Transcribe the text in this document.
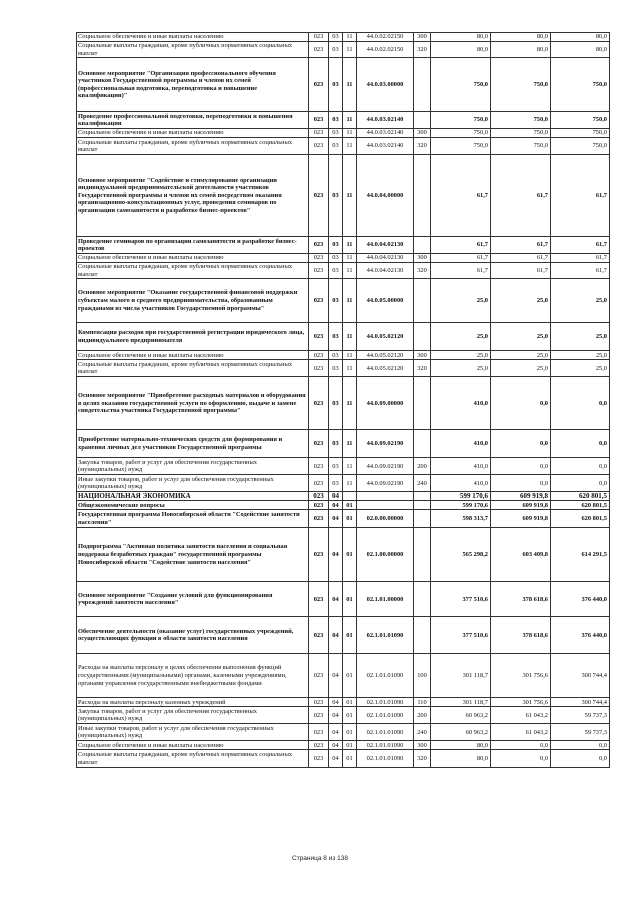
Социальное обеспечение и иные выплаты населению	023	03	11	44.0.02.02150	300	80,0	80,0	80,0
Социальные выплаты гражданам, кроме публичных нормативных социальных выплат	023	03	11	44.0.02.02150	320	80,0	80,0	80,0
Основное мероприятие "Организация профессионального обучения участников Государственной программы и членов их семей (профессиональная подготовка, переподготовка и повышение квалификации)"	023	03	11	44.0.03.00000		750,0	750,0	750,0
Проведение профессиональной подготовки, переподготовки и повышения квалификации	023	03	11	44.0.03.02140		750,0	750,0	750,0
Социальное обеспечение и иные выплаты населению	023	03	11	44.0.03.02140	300	750,0	750,0	750,0
Социальные выплаты гражданам, кроме публичных нормативных социальных выплат	023	03	11	44.0.03.02140	320	750,0	750,0	750,0
Основное мероприятие "Содействие и стимулирование организации индивидуальной предпринимательской деятельности участников Государственной программы и членов их семей посредством оказания организационно-консультационных услуг, проведения семинаров по организации самозанятости и разработке бизнес-проектов"	023	03	11	44.0.04.00000		61,7	61,7	61,7
Проведение семинаров по организации самозанятости и разработке бизнес-проектов	023	03	11	44.0.04.02130		61,7	61,7	61,7
Социальное обеспечение и иные выплаты населению	023	03	11	44.0.04.02130	300	61,7	61,7	61,7
Социальные выплаты гражданам, кроме публичных нормативных социальных выплат	023	03	11	44.0.04.02130	320	61,7	61,7	61,7
Основное мероприятие "Оказание государственной финансовой поддержки субъектам малого и среднего предпринимательства, образованным гражданами из числа участников Государственной программы"	023	03	11	44.0.05.00000		25,0	25,0	25,0
Компенсация расходов при государственной регистрации юридического лица, индивидуального предпринимателя	023	03	11	44.0.05.02120		25,0	25,0	25,0
Социальное обеспечение и иные выплаты населению	023	03	11	44.0.05.02120	300	25,0	25,0	25,0
Социальные выплаты гражданам, кроме публичных нормативных социальных выплат	023	03	11	44.0.05.02120	320	25,0	25,0	25,0
Основное мероприятие "Приобретение расходных материалов и оборудования в целях оказания государственной услуги по оформлению, выдаче и замене свидетельства участника Государственной программы"	023	03	11	44.0.09.00000		410,0	0,0	0,0
Приобретение материально-технических средств для формирования и хранения личных дел участников Государственной программы	023	03	11	44.0.09.02190		410,0	0,0	0,0
Закупка товаров, работ и услуг для обеспечения государственных (муниципальных) нужд	023	03	11	44.0.09.02190	200	410,0	0,0	0,0
Иные закупки товаров, работ и услуг для обеспечения государственных (муниципальных) нужд	023	03	11	44.0.09.02190	240	410,0	0,0	0,0
НАЦИОНАЛЬНАЯ ЭКОНОМИКА	023	04				599 170,6	609 919,8	620 801,5
Общеэкономические вопросы	023	04	01			599 170,6	609 919,8	620 801,5
Государственная программа Новосибирской области "Содействие занятости населения"	023	04	01	02.0.00.00000		598 313,7	609 919,8	620 801,5
Подпрограмма "Активная политика занятости населения и социальная поддержка безработных граждан" государственной программы Новосибирской области "Содействие занятости населения"	023	04	01	02.1.00.00000		565 298,2	603 409,8	614 291,5
Основное мероприятие "Создание условий для функционирования учреждений занятости населения"	023	04	01	02.1.01.00000		377 510,6	378 618,6	376 440,0
Обеспечение деятельности (оказание услуг) государственных учреждений, осуществляющих функции в области занятости населения	023	04	01	02.1.01.01090		377 510,6	378 618,6	376 440,0
Расходы на выплаты персоналу в целях обеспечения выполнения функций государственными (муниципальными) органами, казенными учреждениями, органами управления государственными внебюджетными фондами	023	04	01	02.1.01.01090	100	301 118,7	301 756,6	300 744,4
Расходы на выплаты персоналу казенных учреждений	023	04	01	02.1.01.01090	110	301 118,7	301 756,6	300 744,4
Закупка товаров, работ и услуг для обеспечения государственных (муниципальных) нужд	023	04	01	02.1.01.01090	200	60 963,2	61 043,2	59 737,3
Иные закупки товаров, работ и услуг для обеспечения государственных (муниципальных) нужд	023	04	01	02.1.01.01090	240	60 963,2	61 043,2	59 737,3
Социальное обеспечение и иные выплаты населению	023	04	01	02.1.01.01090	300	80,0	0,0	0,0
Социальные выплаты гражданам, кроме публичных нормативных социальных выплат	023	04	01	02.1.01.01090	320	80,0	0,0	0,0
Страница 8 из 138
